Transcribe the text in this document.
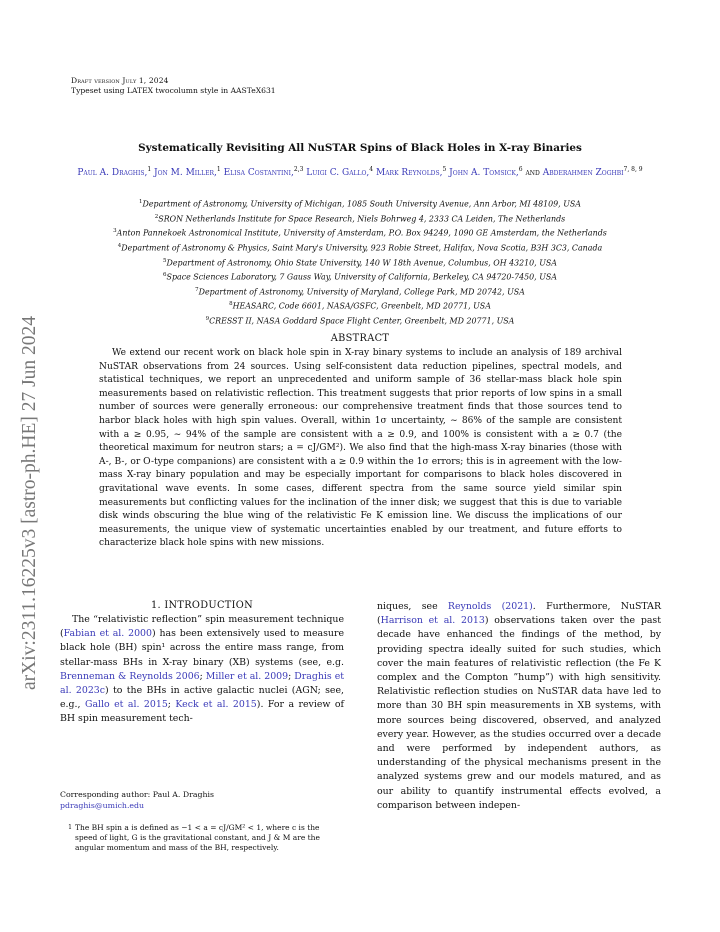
arXiv:2311.16225v3 [astro-ph.HE] 27 Jun 2024
Draft version July 1, 2024
Typeset using LATEX twocolumn style in AASTeX631
Systematically Revisiting All NuSTAR Spins of Black Holes in X-ray Binaries
Paul A. Draghis,$^1$ Jon M. Miller,$^1$ Elisa Costantini,$^{2,3}$ Luigi C. Gallo,$^4$ Mark Reynolds,$^5$ John A. Tomsick,$^6$ and Abderahmen Zoghbi$^{7, 8, 9}$
$^1$Department of Astronomy, University of Michigan, 1085 South University Avenue, Ann Arbor, MI 48109, USA
$^2$SRON Netherlands Institute for Space Research, Niels Bohrweg 4, 2333 CA Leiden, The Netherlands
$^3$Anton Pannekoek Astronomical Institute, University of Amsterdam, P.O. Box 94249, 1090 GE Amsterdam, the Netherlands
$^4$Department of Astronomy & Physics, Saint Mary's University, 923 Robie Street, Halifax, Nova Scotia, B3H 3C3, Canada
$^5$Department of Astronomy, Ohio State University, 140 W 18th Avenue, Columbus, OH 43210, USA
$^6$Space Sciences Laboratory, 7 Gauss Way, University of California, Berkeley, CA 94720-7450, USA
$^7$Department of Astronomy, University of Maryland, College Park, MD 20742, USA
$^8$HEASARC, Code 6601, NASA/GSFC, Greenbelt, MD 20771, USA
$^9$CRESST II, NASA Goddard Space Flight Center, Greenbelt, MD 20771, USA
ABSTRACT
We extend our recent work on black hole spin in X-ray binary systems to include an analysis of 189 archival NuSTAR observations from 24 sources. Using self-consistent data reduction pipelines, spectral models, and statistical techniques, we report an unprecedented and uniform sample of 36 stellar-mass black hole spin measurements based on relativistic reflection. This treatment suggests that prior reports of low spins in a small number of sources were generally erroneous: our comprehensive treatment finds that those sources tend to harbor black holes with high spin values. Overall, within 1σ uncertainty, ∼ 86% of the sample are consistent with a ≥ 0.95, ∼ 94% of the sample are consistent with a ≥ 0.9, and 100% is consistent with a ≥ 0.7 (the theoretical maximum for neutron stars; a = cJ/GM²). We also find that the high-mass X-ray binaries (those with A-, B-, or O-type companions) are consistent with a ≥ 0.9 within the 1σ errors; this is in agreement with the low-mass X-ray binary population and may be especially important for comparisons to black holes discovered in gravitational wave events. In some cases, different spectra from the same source yield similar spin measurements but conflicting values for the inclination of the inner disk; we suggest that this is due to variable disk winds obscuring the blue wing of the relativistic Fe K emission line. We discuss the implications of our measurements, the unique view of systematic uncertainties enabled by our treatment, and future efforts to characterize black hole spins with new missions.
1. INTRODUCTION

The “relativistic reflection” spin measurement technique (Fabian et al. 2000) has been extensively used to measure black hole (BH) spin¹ across the entire mass range, from stellar-mass BHs in X-ray binary (XB) systems (see, e.g. Brenneman & Reynolds 2006; Miller et al. 2009; Draghis et al. 2023c) to the BHs in active galactic nuclei (AGN; see, e.g., Gallo et al. 2015; Keck et al. 2015). For a review of BH spin measurement tech-

niques, see Reynolds (2021). Furthermore, NuSTAR (Harrison et al. 2013) observations taken over the past decade have enhanced the findings of the method, by providing spectra ideally suited for such studies, which cover the main features of relativistic reflection (the Fe K complex and the Compton ”hump”) with high sensitivity. Relativistic reflection studies on NuSTAR data have led to more than 30 BH spin measurements in XB systems, with more sources being discovered, observed, and analyzed every year. However, as the studies occurred over a decade and were performed by independent authors, as understanding of the physical mechanisms present in the analyzed systems grew and our models matured, and as our ability to quantify instrumental effects evolved, a comparison between indepen-

Corresponding author: Paul A. Draghis
pdraghis@umich.edu
1 The BH spin a is defined as −1 < a = cJ/GM² < 1, where c is the speed of light, G is the gravitational constant, and J & M are the angular momentum and mass of the BH, respectively.
